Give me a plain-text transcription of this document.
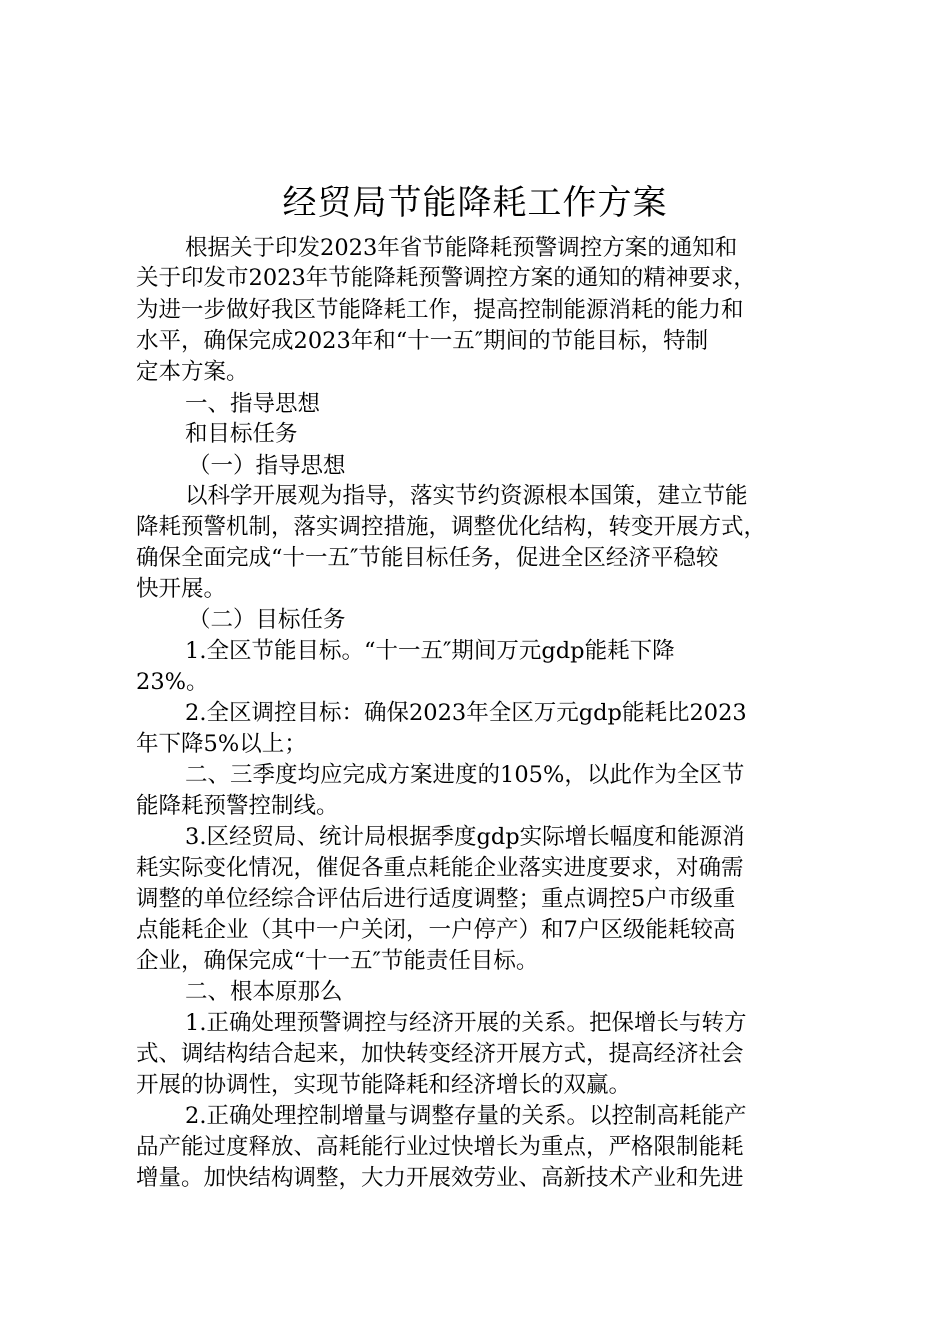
经贸局节能降耗工作方案
根据关于印发2023年省节能降耗预警调控方案的通知和
关于印发市2023年节能降耗预警调控方案的通知的精神要求，
为进一步做好我区节能降耗工作，提高控制能源消耗的能力和
水平，确保完成2023年和“十一五″期间的节能目标，特制
定本方案。
一、指导思想
和目标任务
（一）指导思想
以科学开展观为指导，落实节约资源根本国策，建立节能
降耗预警机制，落实调控措施，调整优化结构，转变开展方式，
确保全面完成“十一五″节能目标任务，促进全区经济平稳较
快开展。
（二）目标任务
1.全区节能目标。“十一五″期间万元gdp能耗下降
23%。
2.全区调控目标：确保2023年全区万元gdp能耗比2023
年下降5%以上；
二、三季度均应完成方案进度的105%，以此作为全区节
能降耗预警控制线。
3.区经贸局、统计局根据季度gdp实际增长幅度和能源消
耗实际变化情况，催促各重点耗能企业落实进度要求，对确需
调整的单位经综合评估后进行适度调整；重点调控5户市级重
点能耗企业（其中一户关闭，一户停产）和7户区级能耗较高
企业，确保完成“十一五″节能责任目标。
二、根本原那么
1.正确处理预警调控与经济开展的关系。把保增长与转方
式、调结构结合起来，加快转变经济开展方式，提高经济社会
开展的协调性，实现节能降耗和经济增长的双赢。
2.正确处理控制增量与调整存量的关系。以控制高耗能产
品产能过度释放、高耗能行业过快增长为重点，严格限制能耗
增量。加快结构调整，大力开展效劳业、高新技术产业和先进
